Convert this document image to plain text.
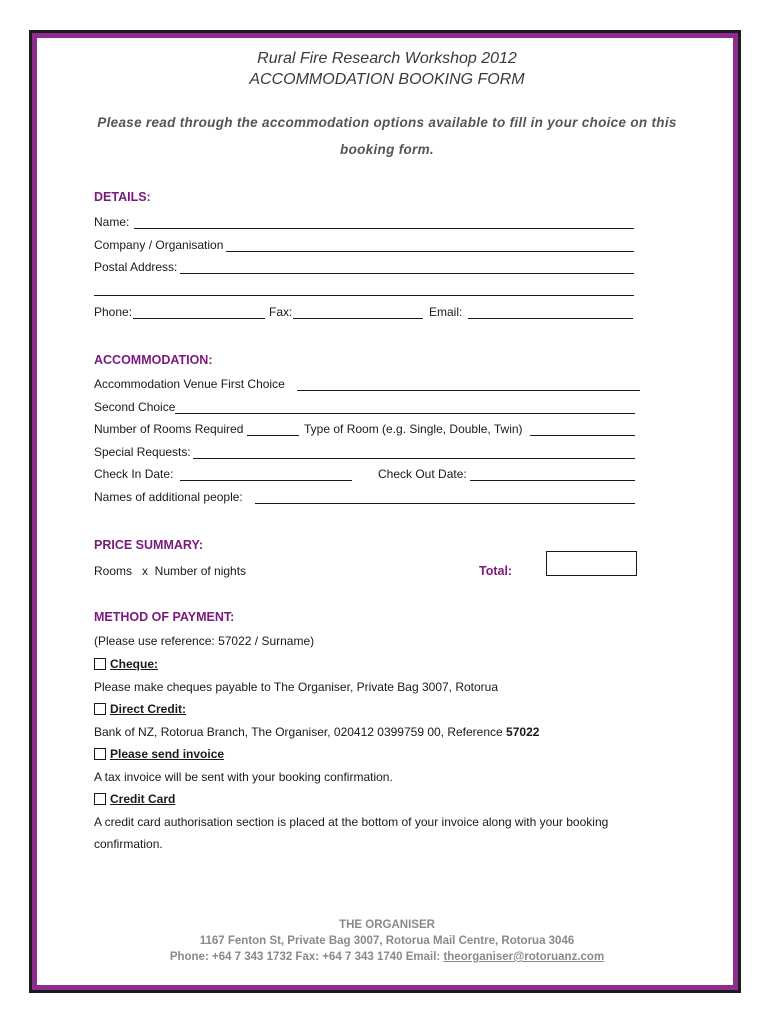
Rural Fire Research Workshop 2012
ACCOMMODATION BOOKING FORM
Please read through the accommodation options available to fill in your choice on this
booking form.
DETAILS:
Name:
Company / Organisation
Postal Address:
Phone:	Fax:	Email:
ACCOMMODATION:
Accommodation Venue First Choice
Second Choice
Number of Rooms Required	Type of Room (e.g. Single, Double, Twin)
Special Requests:
Check In Date:	Check Out Date:
Names of additional people:
PRICE SUMMARY:
Rooms   x  Number of nights	Total:
METHOD OF PAYMENT:
(Please use reference: 57022 / Surname)
Cheque:
Please make cheques payable to The Organiser, Private Bag 3007, Rotorua
Direct Credit:
Bank of NZ, Rotorua Branch, The Organiser, 020412 0399759 00, Reference 57022
Please send invoice
A tax invoice will be sent with your booking confirmation.
Credit Card
A credit card authorisation section is placed at the bottom of your invoice along with your booking
confirmation.
THE ORGANISER
1167 Fenton St, Private Bag 3007, Rotorua Mail Centre, Rotorua 3046
Phone: +64 7 343 1732 Fax: +64 7 343 1740 Email: theorganiser@rotoruanz.com
